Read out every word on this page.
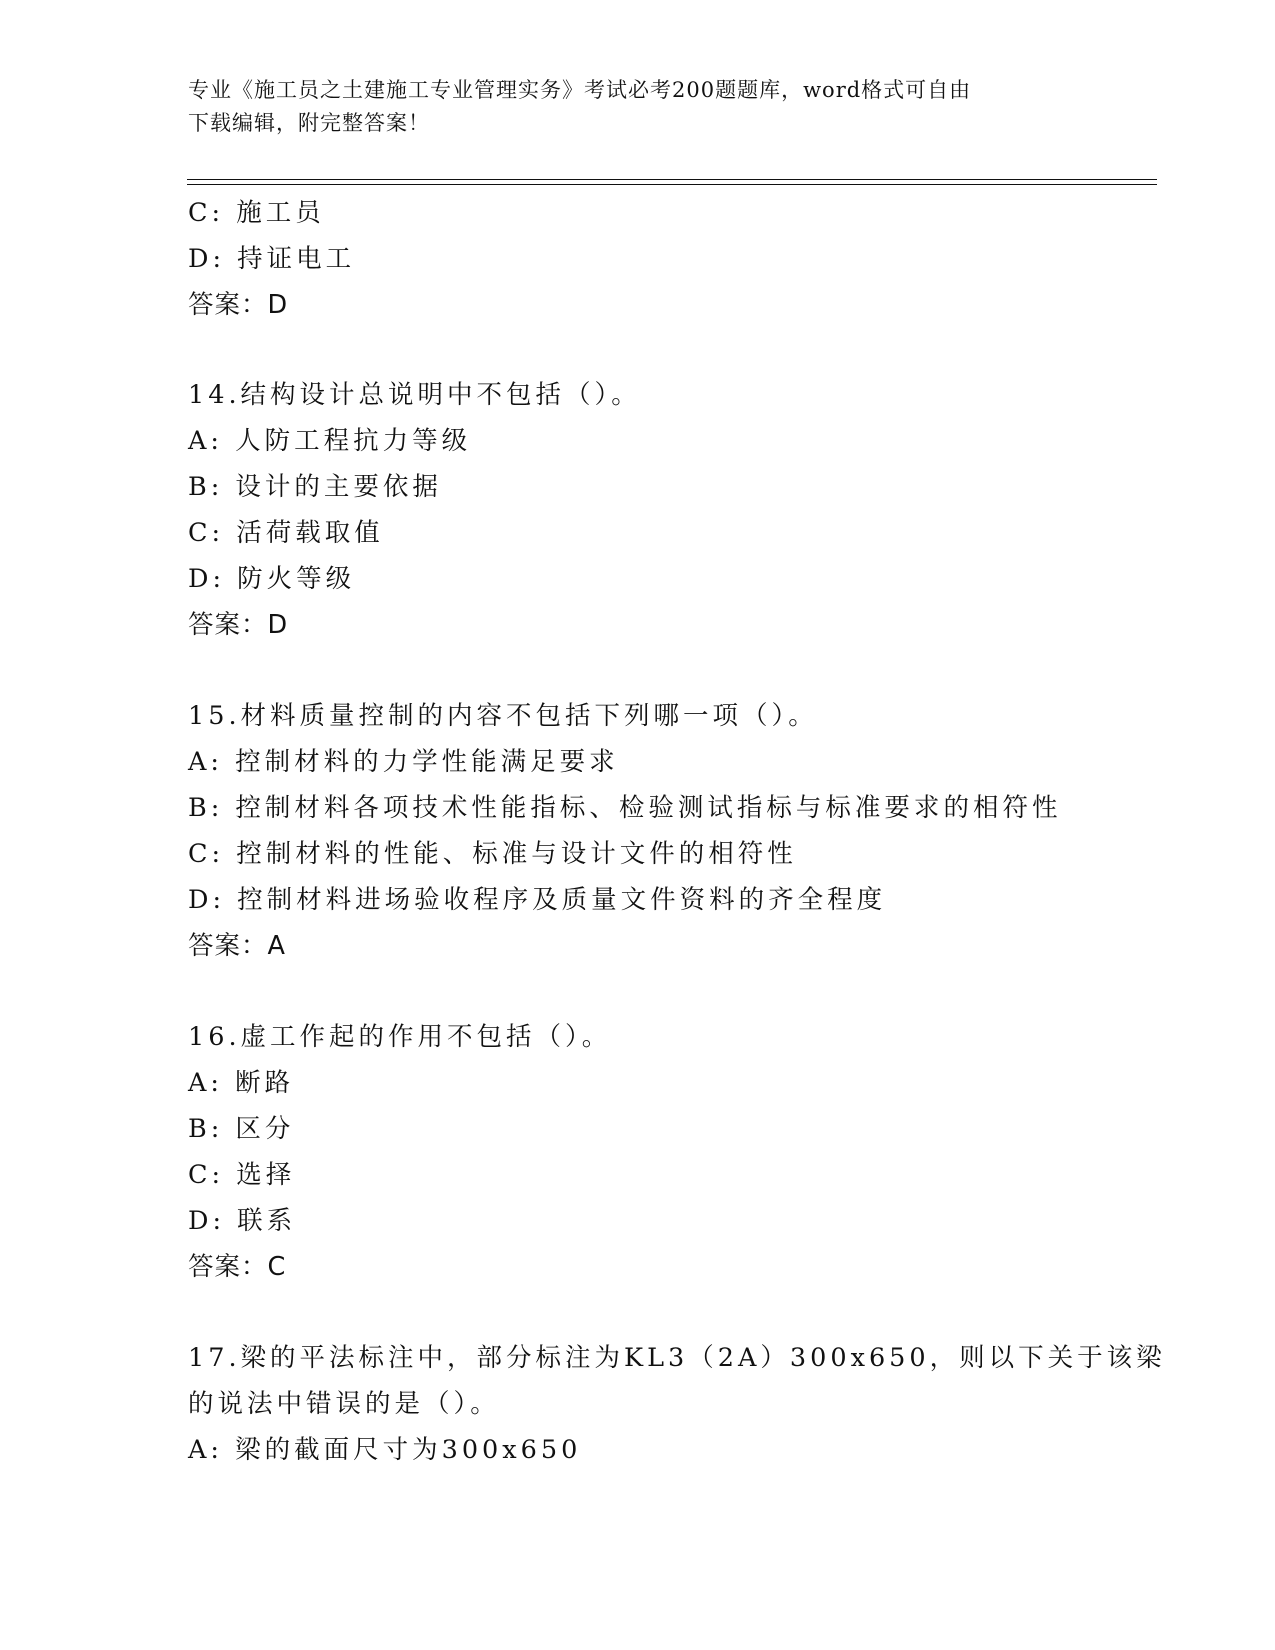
专业《施工员之土建施工专业管理实务》考试必考200题题库，word格式可自由
下载编辑，附完整答案！
C: 施工员
D: 持证电工
答案：D
14.结构设计总说明中不包括（）。
A: 人防工程抗力等级
B: 设计的主要依据
C: 活荷载取值
D: 防火等级
答案：D
15.材料质量控制的内容不包括下列哪一项（）。
A: 控制材料的力学性能满足要求
B: 控制材料各项技术性能指标、检验测试指标与标准要求的相符性
C: 控制材料的性能、标准与设计文件的相符性
D: 控制材料进场验收程序及质量文件资料的齐全程度
答案：A
16.虚工作起的作用不包括（）。
A: 断路
B: 区分
C: 选择
D: 联系
答案：C
17.梁的平法标注中，部分标注为KL3（2A）300x650，则以下关于该梁
的说法中错误的是（）。
A: 梁的截面尺寸为300x650
